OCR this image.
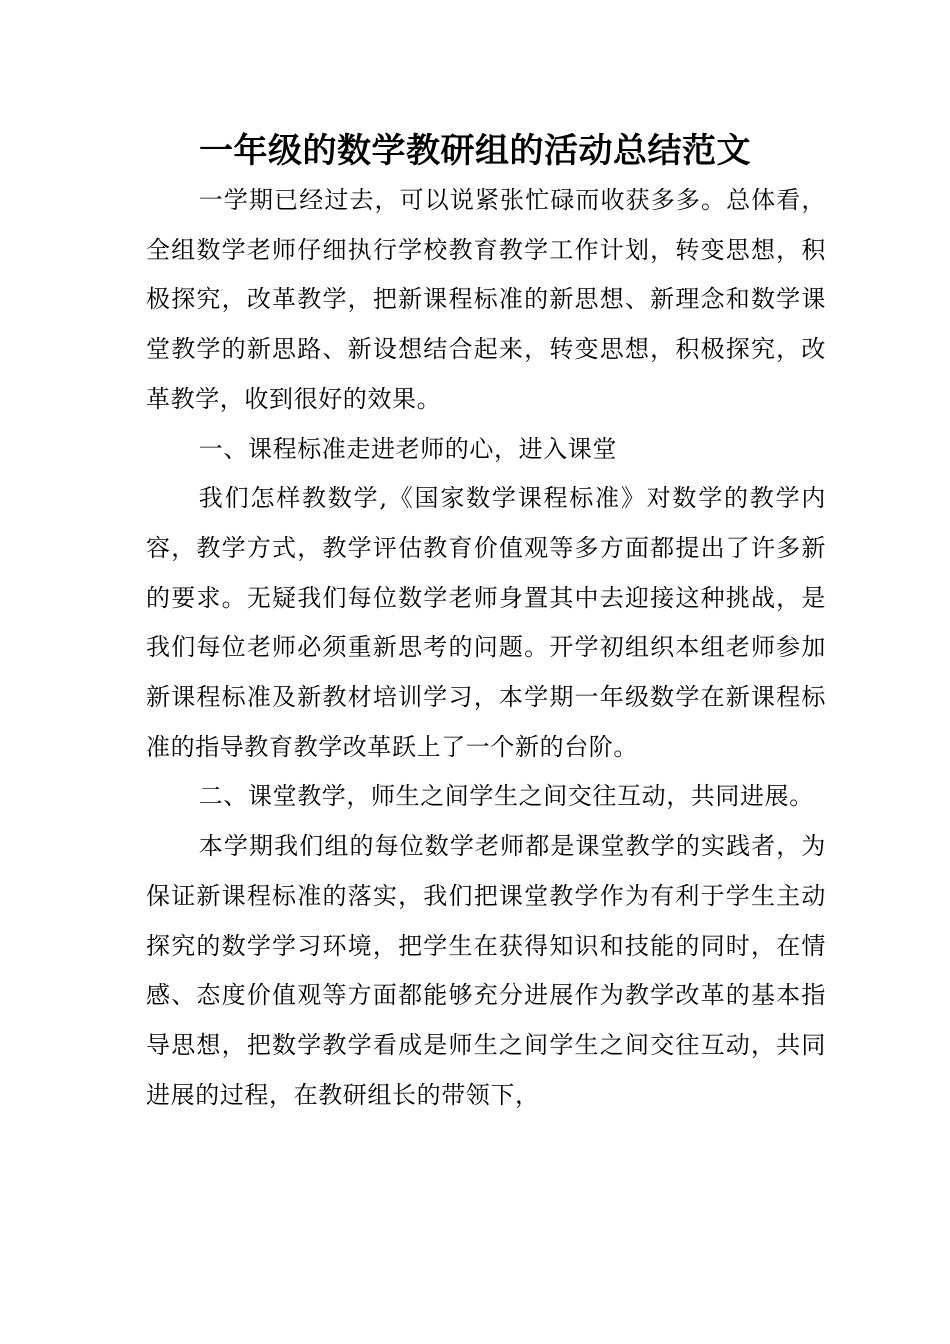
一年级的数学教研组的活动总结范文

一学期已经过去，可以说紧张忙碌而收获多多。总体看，全组数学老师仔细执行学校教育教学工作计划，转变思想，积极探究，改革教学，把新课程标准的新思想、新理念和数学课堂教学的新思路、新设想结合起来，转变思想，积极探究，改革教学，收到很好的效果。

一、课程标准走进老师的心，进入课堂

我们怎样教数学,《国家数学课程标准》对数学的教学内容，教学方式，教学评估教育价值观等多方面都提出了许多新的要求。无疑我们每位数学老师身置其中去迎接这种挑战，是我们每位老师必须重新思考的问题。开学初组织本组老师参加新课程标准及新教材培训学习，本学期一年级数学在新课程标准的指导教育教学改革跃上了一个新的台阶。

二、课堂教学，师生之间学生之间交往互动，共同进展。

本学期我们组的每位数学老师都是课堂教学的实践者，为保证新课程标准的落实，我们把课堂教学作为有利于学生主动探究的数学学习环境，把学生在获得知识和技能的同时，在情感、态度价值观等方面都能够充分进展作为教学改革的基本指导思想，把数学教学看成是师生之间学生之间交往互动，共同进展的过程，在教研组长的带领下，
